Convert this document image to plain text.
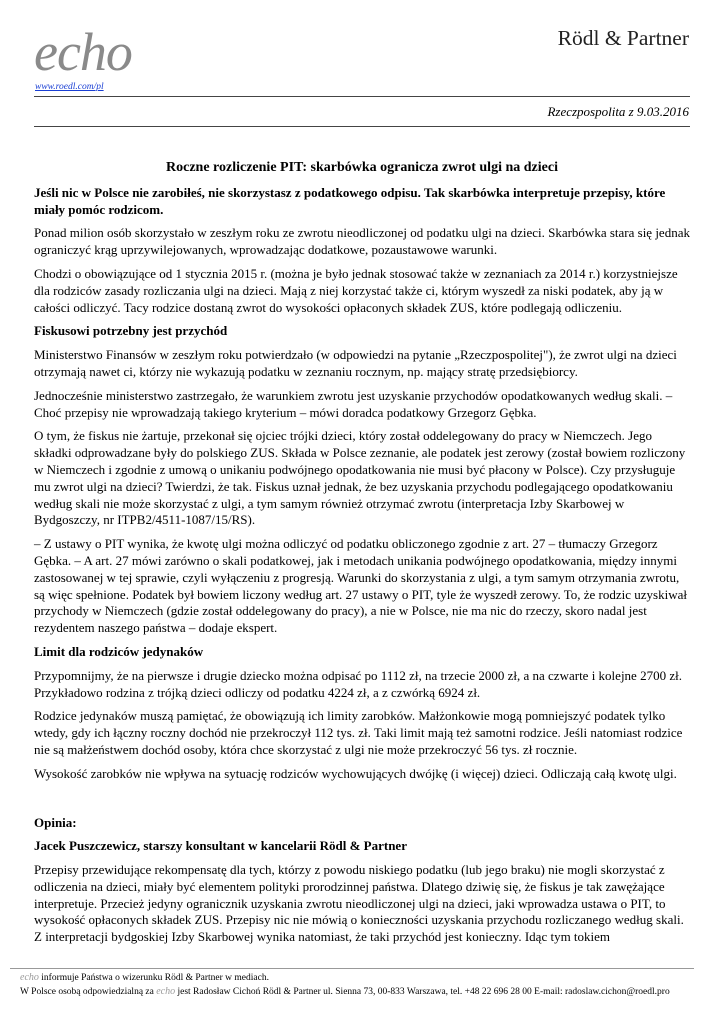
echo
www.roedl.com/pl
Rödl & Partner
Rzeczpospolita z 9.03.2016

Roczne rozliczenie PIT: skarbówka ogranicza zwrot ulgi na dzieci

Jeśli nic w Polsce nie zarobiłeś, nie skorzystasz z podatkowego odpisu. Tak skarbówka interpretuje przepisy, które miały pomóc rodzicom.

Ponad milion osób skorzystało w zeszłym roku ze zwrotu nieodliczonej od podatku ulgi na dzieci. Skarbówka stara się jednak ograniczyć krąg uprzywilejowanych, wprowadzając dodatkowe, pozaustawowe warunki.

Chodzi o obowiązujące od 1 stycznia 2015 r. (można je było jednak stosować także w zeznaniach za 2014 r.) korzystniejsze dla rodziców zasady rozliczania ulgi na dzieci. Mają z niej korzystać także ci, którym wyszedł za niski podatek, aby ją w całości odliczyć. Tacy rodzice dostaną zwrot do wysokości opłaconych składek ZUS, które podlegają odliczeniu.

Fiskusowi potrzebny jest przychód

Ministerstwo Finansów w zeszłym roku potwierdzało (w odpowiedzi na pytanie „Rzeczpospolitej"), że zwrot ulgi na dzieci otrzymają nawet ci, którzy nie wykazują podatku w zeznaniu rocznym, np. mający stratę przedsiębiorcy.

Jednocześnie ministerstwo zastrzegało, że warunkiem zwrotu jest uzyskanie przychodów opodatkowanych według skali. – Choć przepisy nie wprowadzają takiego kryterium – mówi doradca podatkowy Grzegorz Gębka.

O tym, że fiskus nie żartuje, przekonał się ojciec trójki dzieci, który został oddelegowany do pracy w Niemczech. Jego składki odprowadzane były do polskiego ZUS. Składa w Polsce zeznanie, ale podatek jest zerowy (został bowiem rozliczony w Niemczech i zgodnie z umową o unikaniu podwójnego opodatkowania nie musi być płacony w Polsce). Czy przysługuje mu zwrot ulgi na dzieci? Twierdzi, że tak. Fiskus uznał jednak, że bez uzyskania przychodu podlegającego opodatkowaniu według skali nie może skorzystać z ulgi, a tym samym również otrzymać zwrotu (interpretacja Izby Skarbowej w Bydgoszczy, nr ITPB2/4511-1087/15/RS).

– Z ustawy o PIT wynika, że kwotę ulgi można odliczyć od podatku obliczonego zgodnie z art. 27 – tłumaczy Grzegorz Gębka. – A art. 27 mówi zarówno o skali podatkowej, jak i metodach unikania podwójnego opodatkowania, między innymi zastosowanej w tej sprawie, czyli wyłączeniu z progresją. Warunki do skorzystania z ulgi, a tym samym otrzymania zwrotu, są więc spełnione. Podatek był bowiem liczony według art. 27 ustawy o PIT, tyle że wyszedł zerowy. To, że rodzic uzyskiwał przychody w Niemczech (gdzie został oddelegowany do pracy), a nie w Polsce, nie ma nic do rzeczy, skoro nadal jest rezydentem naszego państwa – dodaje ekspert.

Limit dla rodziców jedynaków

Przypomnijmy, że na pierwsze i drugie dziecko można odpisać po 1112 zł, na trzecie 2000 zł, a na czwarte i kolejne 2700 zł. Przykładowo rodzina z trójką dzieci odliczy od podatku 4224 zł, a z czwórką 6924 zł.

Rodzice jedynaków muszą pamiętać, że obowiązują ich limity zarobków. Małżonkowie mogą pomniejszyć podatek tylko wtedy, gdy ich łączny roczny dochód nie przekroczył 112 tys. zł. Taki limit mają też samotni rodzice. Jeśli natomiast rodzice nie są małżeństwem dochód osoby, która chce skorzystać z ulgi nie może przekroczyć 56 tys. zł rocznie.

Wysokość zarobków nie wpływa na sytuację rodziców wychowujących dwójkę (i więcej) dzieci. Odliczają całą kwotę ulgi.

Opinia:

Jacek Puszczewicz, starszy konsultant w kancelarii Rödl & Partner

Przepisy przewidujące rekompensatę dla tych, którzy z powodu niskiego podatku (lub jego braku) nie mogli skorzystać z odliczenia na dzieci, miały być elementem polityki prorodzinnej państwa. Dlatego dziwię się, że fiskus je tak zawężające interpretuje. Przecież jedyny ogranicznik uzyskania zwrotu nieodliczonej ulgi na dzieci, jaki wprowadza ustawa o PIT, to wysokość opłaconych składek ZUS. Przepisy nic nie mówią o konieczności uzyskania przychodu rozliczanego według skali. Z interpretacji bydgoskiej Izby Skarbowej wynika natomiast, że taki przychód jest konieczny. Idąc tym tokiem

echo informuje Państwa o wizerunku Rödl & Partner w mediach.
W Polsce osobą odpowiedzialną za echo jest Radosław Cichoń Rödl & Partner ul. Sienna 73, 00-833 Warszawa, tel. +48 22 696 28 00 E-mail: radoslaw.cichon@roedl.pro
